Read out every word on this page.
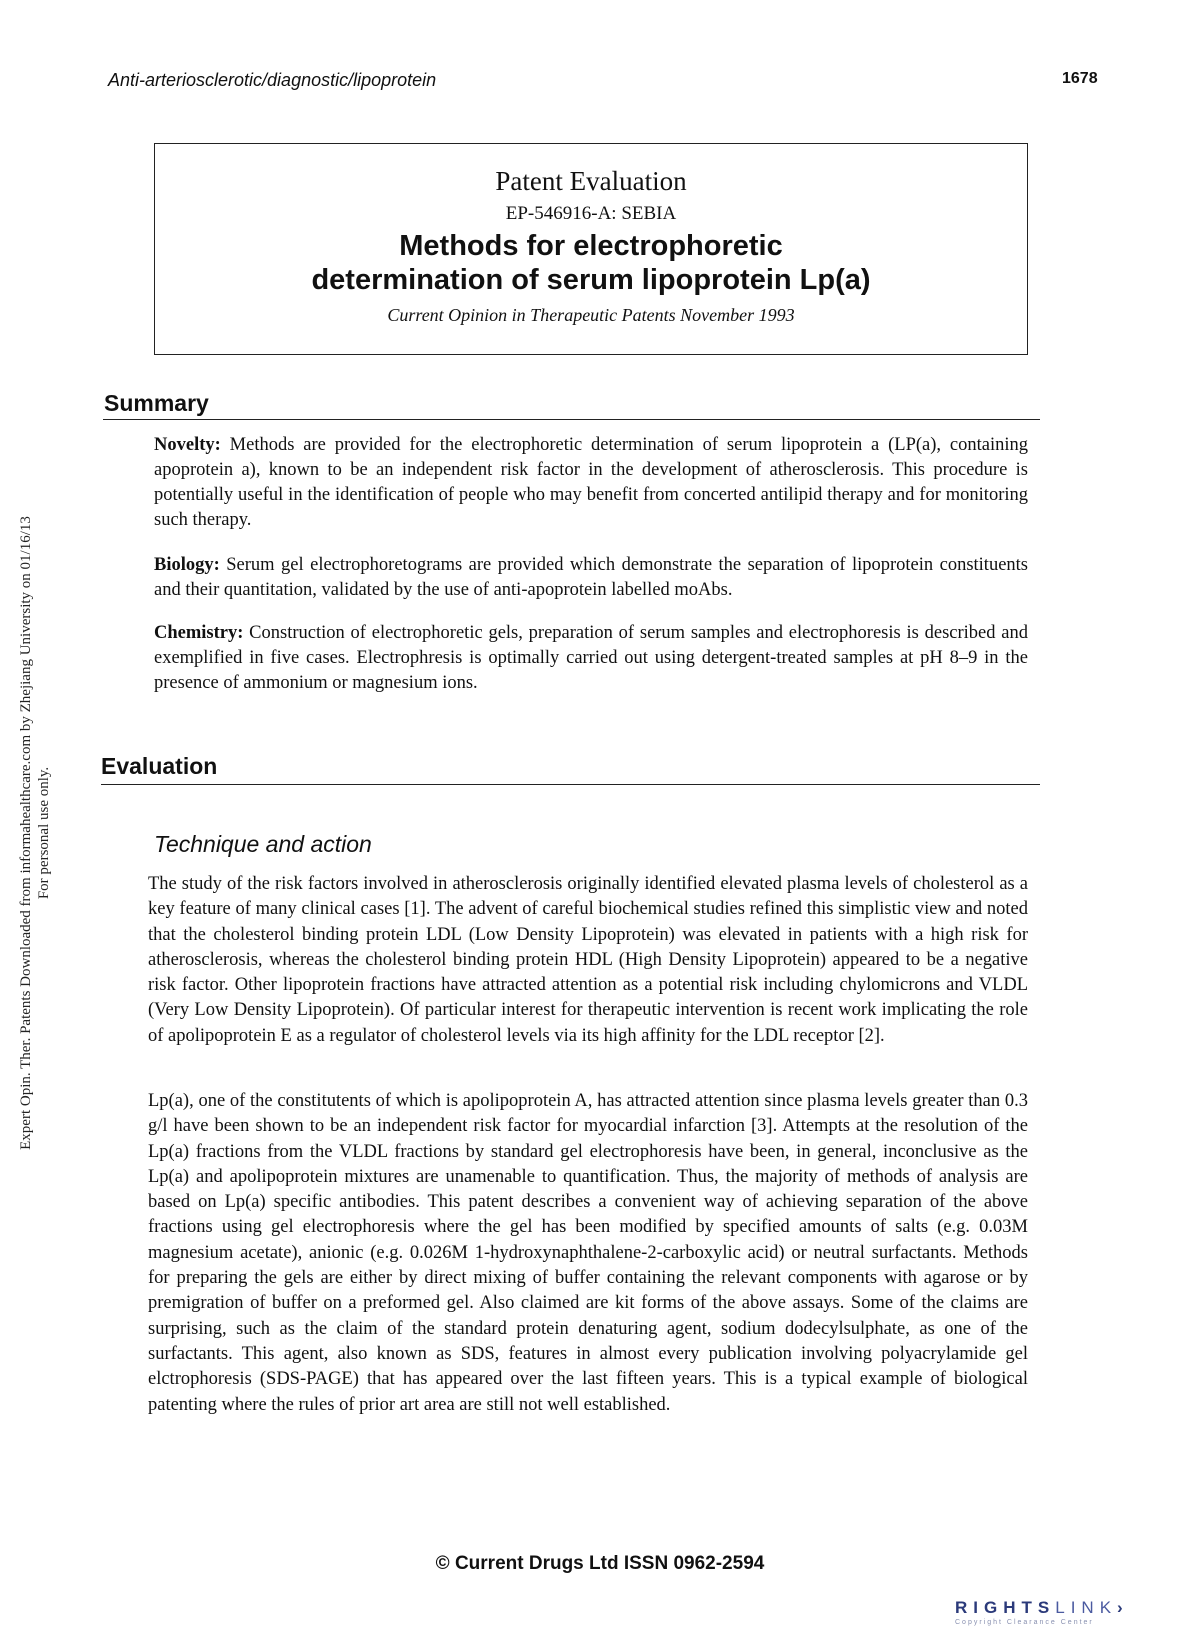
Anti-arteriosclerotic/diagnostic/lipoprotein	1678
Expert Opin. Ther. Patents Downloaded from informahealthcare.com by Zhejiang University on 01/16/13 For personal use only.
Patent Evaluation
EP-546916-A: SEBIA
Methods for electrophoretic
determination of serum lipoprotein Lp(a)
Current Opinion in Therapeutic Patents November 1993
Summary
Novelty: Methods are provided for the electrophoretic determination of serum lipoprotein a (LP(a), containing apoprotein a), known to be an independent risk factor in the development of atherosclerosis. This procedure is potentially useful in the identification of people who may benefit from concerted antilipid therapy and for monitoring such therapy.
Biology: Serum gel electrophoretograms are provided which demonstrate the separation of lipoprotein constituents and their quantitation, validated by the use of anti-apoprotein labelled moAbs.
Chemistry: Construction of electrophoretic gels, preparation of serum samples and electrophoresis is described and exemplified in five cases. Electrophresis is optimally carried out using detergent-treated samples at pH 8–9 in the presence of ammonium or magnesium ions.
Evaluation
Technique and action
The study of the risk factors involved in atherosclerosis originally identified elevated plasma levels of cholesterol as a key feature of many clinical cases [1]. The advent of careful biochemical studies refined this simplistic view and noted that the cholesterol binding protein LDL (Low Density Lipoprotein) was elevated in patients with a high risk for atherosclerosis, whereas the cholesterol binding protein HDL (High Density Lipoprotein) appeared to be a negative risk factor. Other lipoprotein fractions have attracted attention as a potential risk including chylomicrons and VLDL (Very Low Density Lipoprotein). Of particular interest for therapeutic intervention is recent work implicating the role of apolipoprotein E as a regulator of cholesterol levels via its high affinity for the LDL receptor [2].
Lp(a), one of the constitutents of which is apolipoprotein A, has attracted attention since plasma levels greater than 0.3 g/l have been shown to be an independent risk factor for myocardial infarction [3]. Attempts at the resolution of the Lp(a) fractions from the VLDL fractions by standard gel electrophoresis have been, in general, inconclusive as the Lp(a) and apolipoprotein mixtures are unamenable to quantification. Thus, the majority of methods of analysis are based on Lp(a) specific antibodies. This patent describes a convenient way of achieving separation of the above fractions using gel electrophoresis where the gel has been modified by specified amounts of salts (e.g. 0.03M magnesium acetate), anionic (e.g. 0.026M 1-hydroxynaphthalene-2-carboxylic acid) or neutral surfactants. Methods for preparing the gels are either by direct mixing of buffer containing the relevant components with agarose or by premigration of buffer on a preformed gel. Also claimed are kit forms of the above assays. Some of the claims are surprising, such as the claim of the standard protein denaturing agent, sodium dodecylsulphate, as one of the surfactants. This agent, also known as SDS, features in almost every publication involving polyacrylamide gel elctrophoresis (SDS-PAGE) that has appeared over the last fifteen years. This is a typical example of biological patenting where the rules of prior art area are still not well established.
© Current Drugs Ltd ISSN 0962-2594
RIGHTSLINK›
Copyright Clearance Center
